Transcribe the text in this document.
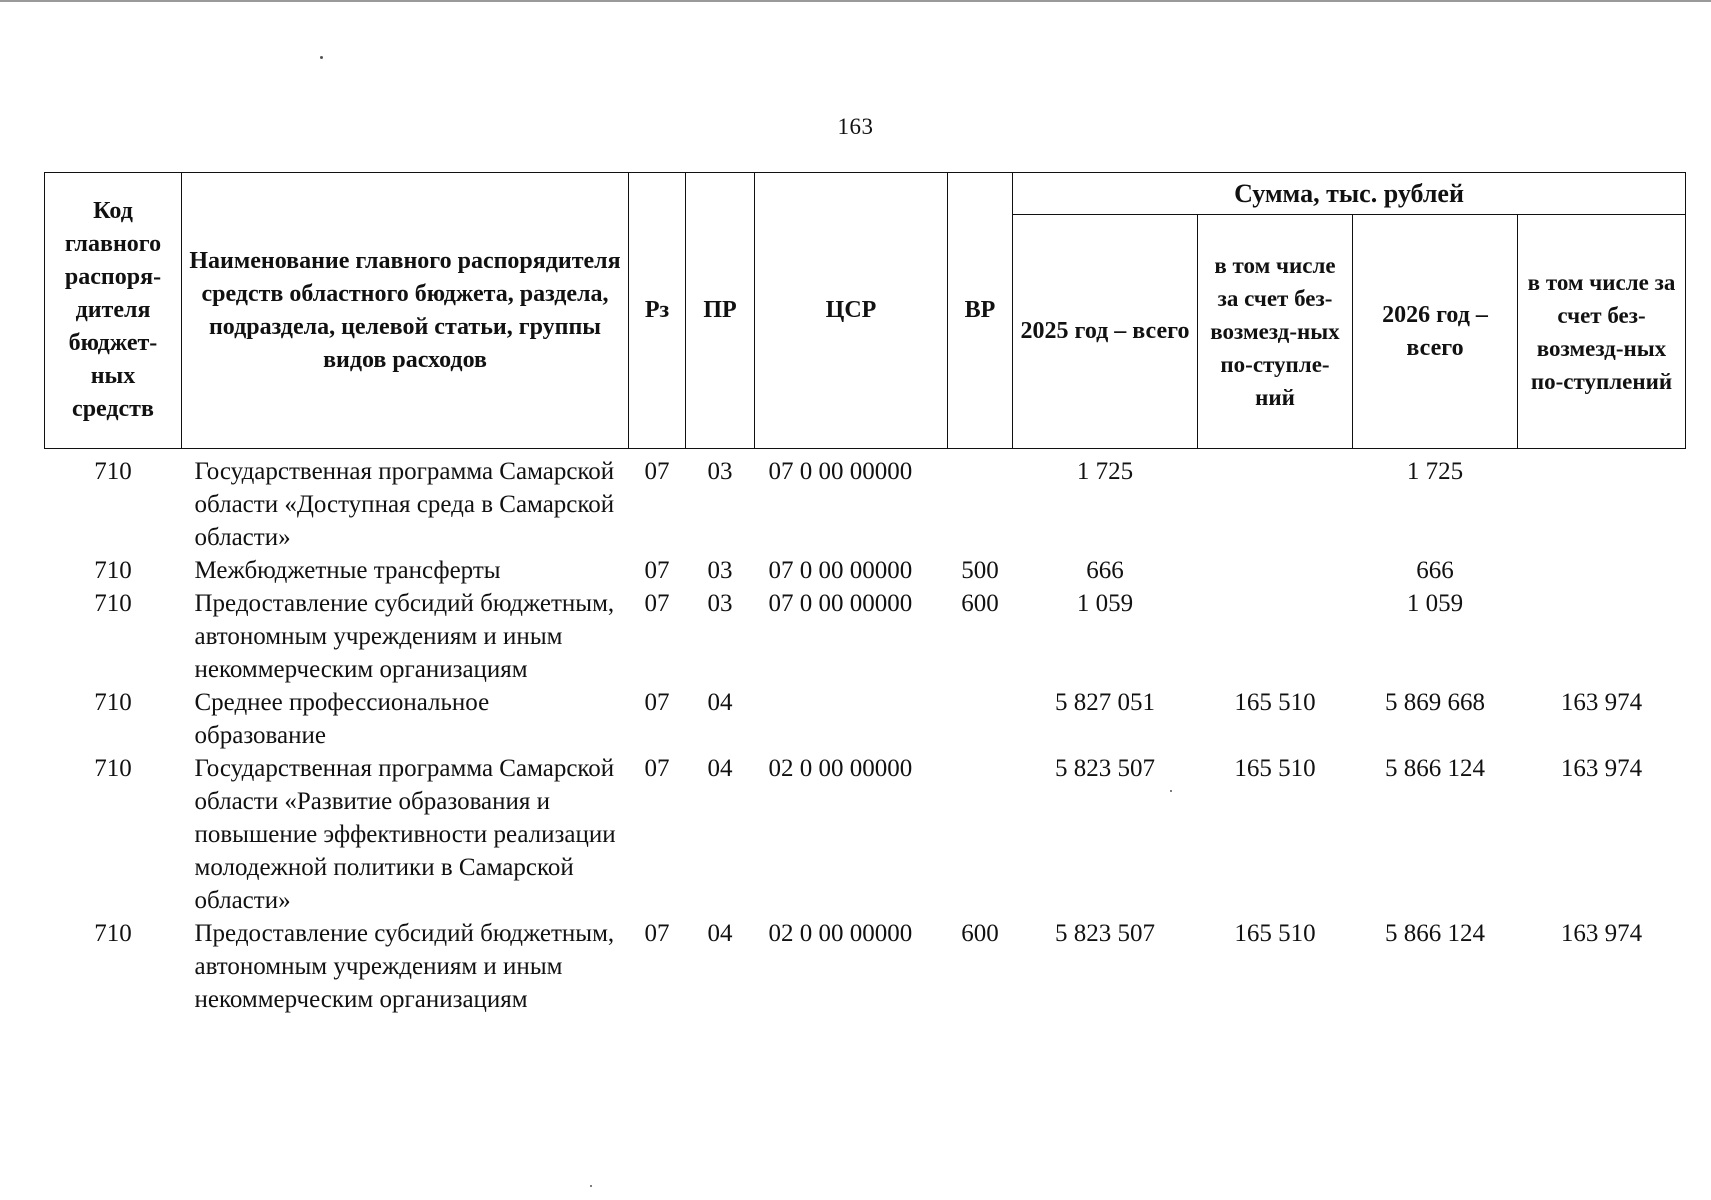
163
Код главного распоря-дителя бюджет-ных средств	Наименование главного распорядителя средств областного бюджета, раздела, подраздела, целевой статьи, группы видов расходов	Рз	ПР	ЦСР	ВР	Сумма, тыс. рублей			
						2025 год – всего	в том числе за счет без-возмезд-ных по-ступле-ний	2026 год – всего	в том числе за счет без-возмезд-ных по-ступлений
710	Государственная программа Самарской области «Доступная среда в Самарской области»	07	03	07 0 00 00000		1 725		1 725	
710	Межбюджетные трансферты	07	03	07 0 00 00000	500	666		666	
710	Предоставление субсидий бюджетным, автономным учреждениям и иным некоммерческим организациям	07	03	07 0 00 00000	600	1 059		1 059	
710	Среднее профессиональное образование	07	04			5 827 051	165 510	5 869 668	163 974
710	Государственная программа Самарской области «Развитие образования и повышение эффективности реализации молодежной политики в Самарской области»	07	04	02 0 00 00000		5 823 507	165 510	5 866 124	163 974
710	Предоставление субсидий бюджетным, автономным учреждениям и иным некоммерческим организациям	07	04	02 0 00 00000	600	5 823 507	165 510	5 866 124	163 974
